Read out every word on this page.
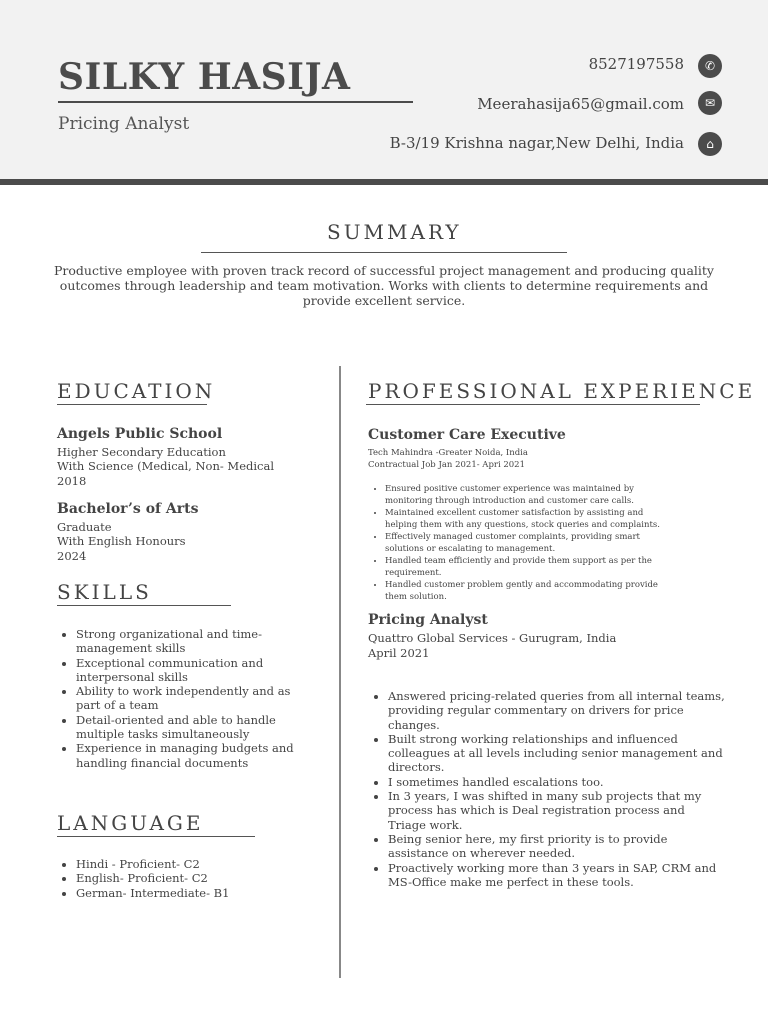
SILKY HASIJA
Pricing Analyst
8527197558	✆
Meerahasija65@gmail.com	✉
B-3/19 Krishna nagar,New Delhi, India	⌂
SUMMARY
Productive employee with proven track record of successful project management and producing quality outcomes through leadership and team motivation. Works with clients to determine requirements and provide excellent service.
EDUCATION
Angels Public School
Higher Secondary Education
With Science (Medical, Non- Medical
2018
Bachelor’s of Arts
Graduate
With English Honours
2024
SKILLS
• Strong organizational and time-management skills
• Exceptional communication and interpersonal skills
• Ability to work independently and as part of a team
• Detail-oriented and able to handle multiple tasks simultaneously
• Experience in managing budgets and handling financial documents
LANGUAGE
• Hindi - Proficient- C2
• English- Proficient- C2
• German- Intermediate- B1
PROFESSIONAL EXPERIENCE
Customer Care Executive
Tech Mahindra -Greater Noida, India
Contractual Job Jan 2021- Apri 2021
• Ensured positive customer experience was maintained by monitoring through introduction and customer care calls.
• Maintained excellent customer satisfaction by assisting and helping them with any questions, stock queries and complaints.
• Effectively managed customer complaints, providing smart solutions or escalating to management.
• Handled team efficiently and provide them support as per the requirement.
• Handled customer problem gently and accommodating provide them solution.
Pricing Analyst
Quattro Global Services - Gurugram, India
April 2021
• Answered pricing-related queries from all internal teams, providing regular commentary on drivers for price changes.
• Built strong working relationships and influenced colleagues at all levels including senior management and directors.
• I sometimes handled escalations too.
• In 3 years, I was shifted in many sub projects that my process has which is Deal registration process and Triage work.
• Being senior here, my first priority is to provide assistance on wherever needed.
• Proactively working more than 3 years in SAP, CRM and MS-Office make me perfect in these tools.
